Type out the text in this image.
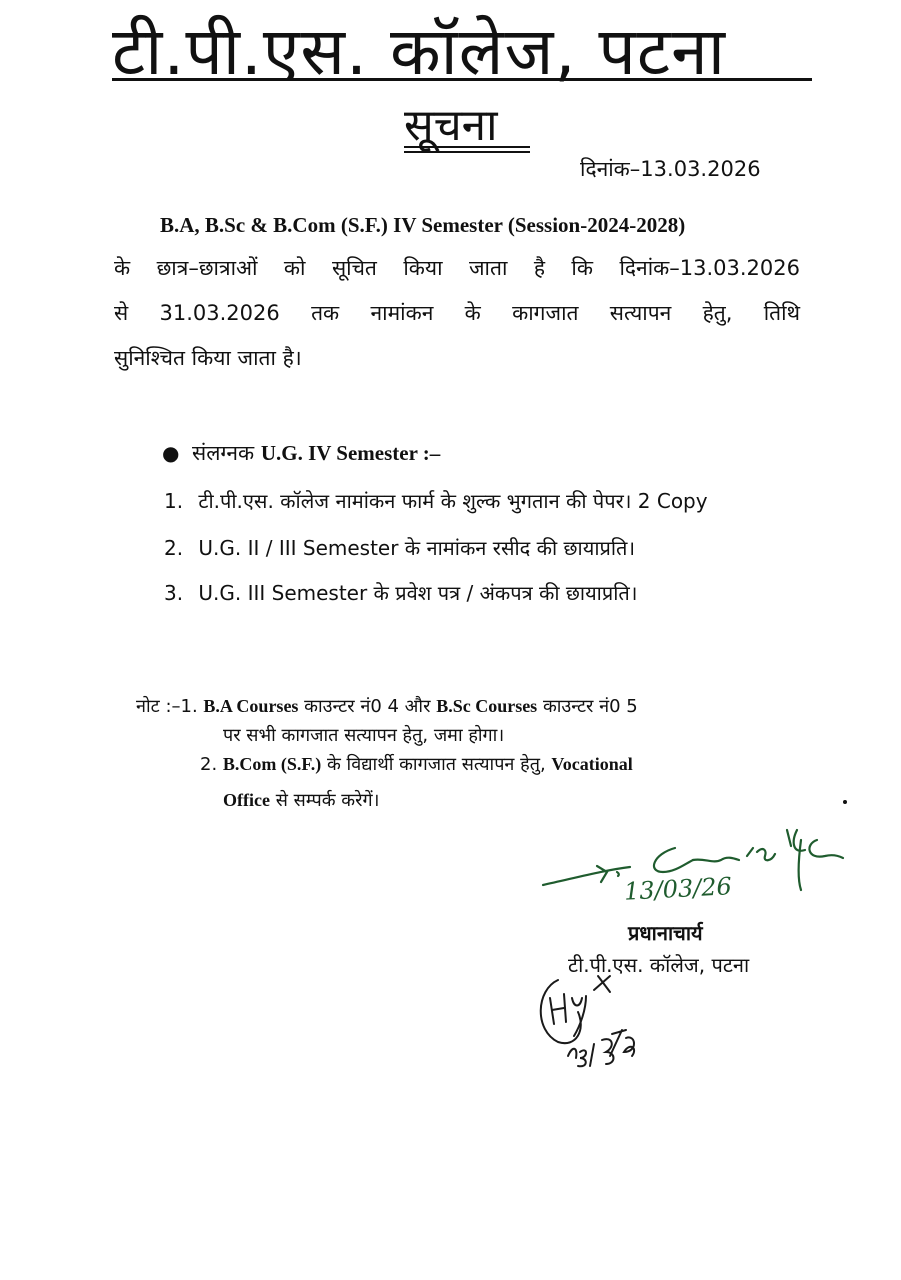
टी.पी.एस. कॉलेज, पटना
सूचना
दिनांक–13.03.2026
B.A, B.Sc & B.Com (S.F.) IV Semester (Session-2024-2028)
के छात्र–छात्राओं को सूचित किया जाता है कि दिनांक–13.03.2026
से 31.03.2026 तक नामांकन के कागजात सत्यापन हेतु, तिथि
सुनिश्चित किया जाता है।
● संलग्नक U.G. IV Semester :–
1. टी.पी.एस. कॉलेज नामांकन फार्म के शुल्क भुगतान की पेपर। 2 Copy
2. U.G. II / III Semester के नामांकन रसीद की छायाप्रति।
3. U.G. III Semester के प्रवेश पत्र / अंकपत्र की छायाप्रति।
नोट :–1. B.A Courses काउन्टर नं0 4 और B.Sc Courses काउन्टर नं0 5
पर सभी कागजात सत्यापन हेतु, जमा होगा।
2. B.Com (S.F.) के विद्यार्थी कागजात सत्यापन हेतु, Vocational
Office से सम्पर्क करेगें।
13/03/26
प्रधानाचार्य
टी.पी.एस. कॉलेज, पटना
